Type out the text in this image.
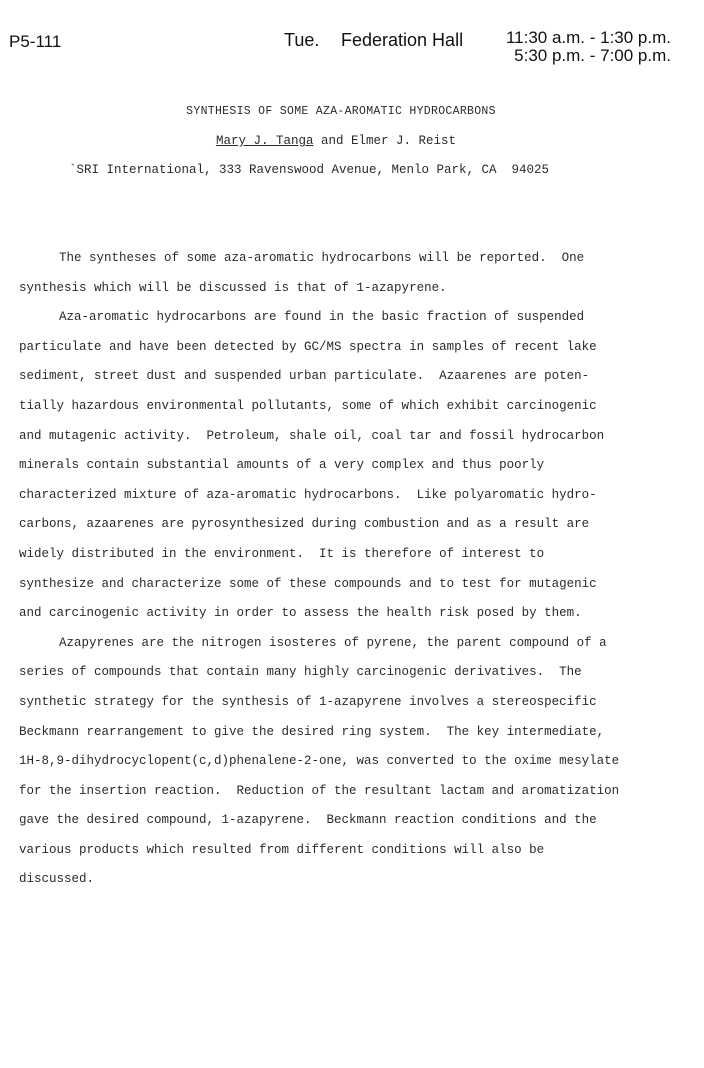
P5-111	Tue. Federation Hall	11:30 a.m. - 1:30 p.m.
5:30 p.m. - 7:00 p.m.
SYNTHESIS OF SOME AZA-AROMATIC HYDROCARBONS
Mary J. Tanga and Elmer J. Reist
`SRI International, 333 Ravenswood Avenue, Menlo Park, CA  94025
The syntheses of some aza-aromatic hydrocarbons will be reported.  One
synthesis which will be discussed is that of 1-azapyrene.
Aza-aromatic hydrocarbons are found in the basic fraction of suspended
particulate and have been detected by GC/MS spectra in samples of recent lake
sediment, street dust and suspended urban particulate.  Azaarenes are poten-
tially hazardous environmental pollutants, some of which exhibit carcinogenic
and mutagenic activity.  Petroleum, shale oil, coal tar and fossil hydrocarbon
minerals contain substantial amounts of a very complex and thus poorly
characterized mixture of aza-aromatic hydrocarbons.  Like polyaromatic hydro-
carbons, azaarenes are pyrosynthesized during combustion and as a result are
widely distributed in the environment.  It is therefore of interest to
synthesize and characterize some of these compounds and to test for mutagenic
and carcinogenic activity in order to assess the health risk posed by them.
Azapyrenes are the nitrogen isosteres of pyrene, the parent compound of a
series of compounds that contain many highly carcinogenic derivatives.  The
synthetic strategy for the synthesis of 1-azapyrene involves a stereospecific
Beckmann rearrangement to give the desired ring system.  The key intermediate,
1H-8,9-dihydrocyclopent(c,d)phenalene-2-one, was converted to the oxime mesylate
for the insertion reaction.  Reduction of the resultant lactam and aromatization
gave the desired compound, 1-azapyrene.  Beckmann reaction conditions and the
various products which resulted from different conditions will also be
discussed.
